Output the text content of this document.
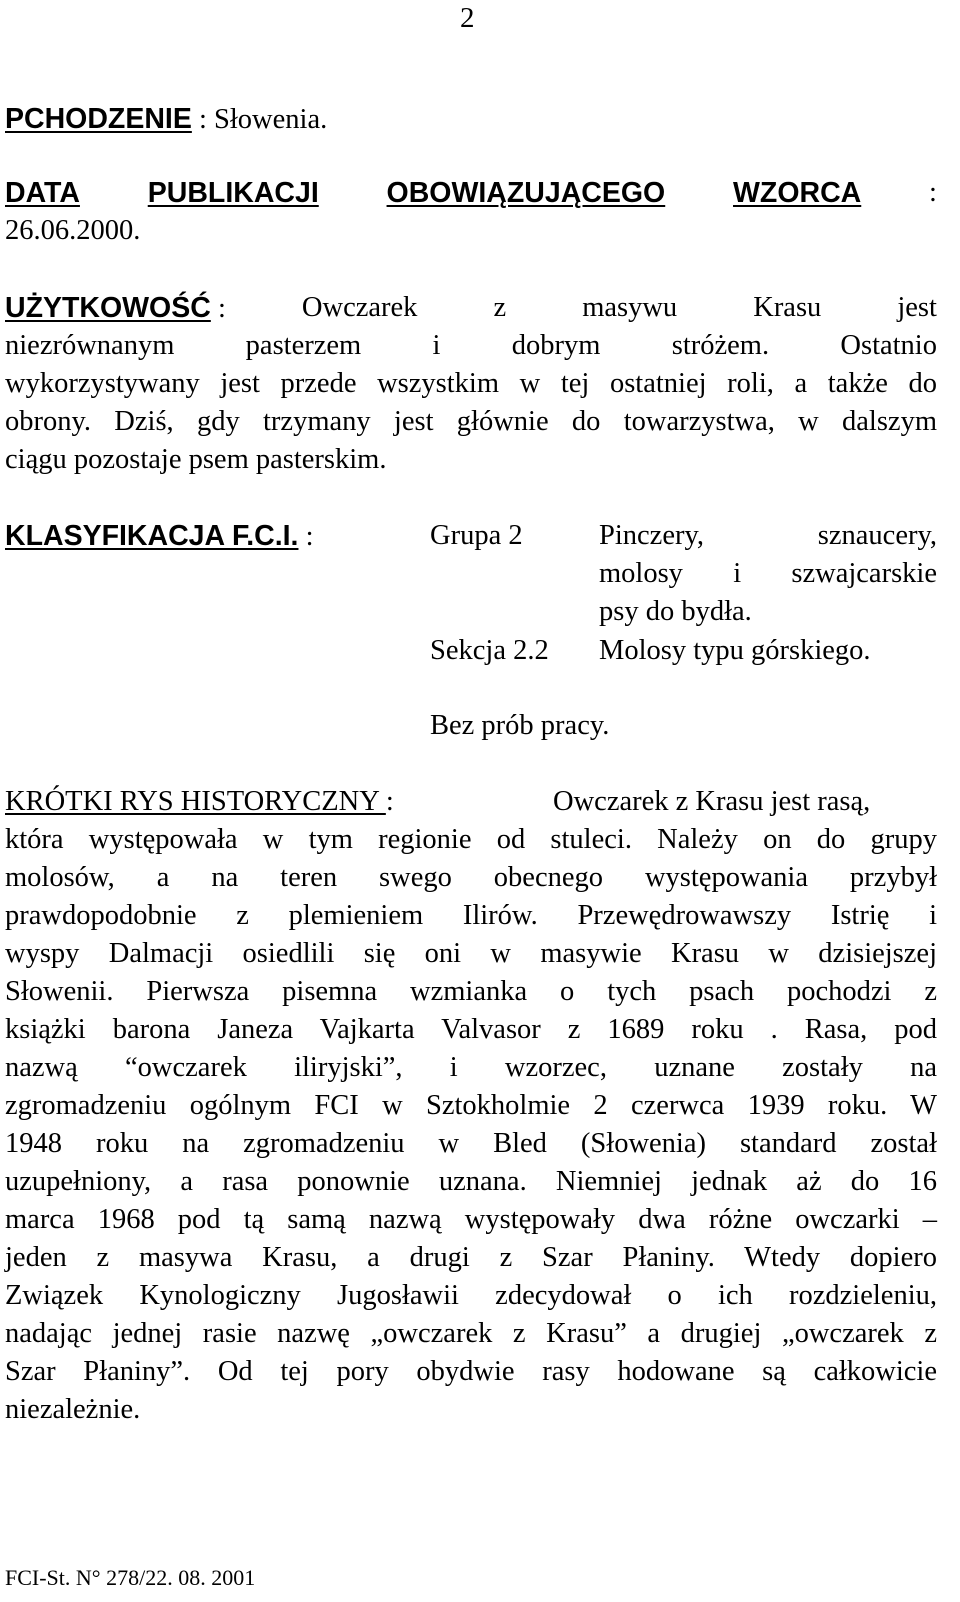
2
PCHODZENIE : Słowenia.
DATA PUBLIKACJI OBOWIĄZUJĄCEGO WZORCA :
26.06.2000.
UŻYTKOWOŚĆ :	Owczarek	z	masywu	Krasu	jest
niezrównanym	pasterzem	i	dobrym	stróżem.	Ostatnio
wykorzystywany jest przede wszystkim w tej ostatniej roli, a także do
obrony. Dziś, gdy trzymany jest głównie do towarzystwa, w dalszym
ciągu pozostaje psem pasterskim.
KLASYFIKACJA F.C.I. :	Grupa 2	Pinczery,	sznaucery,
molosy i szwajcarskie
psy do bydła.
Sekcja 2.2 Molosy typu górskiego.
Bez prób pracy.
KRÓTKI RYS HISTORYCZNY :	Owczarek z Krasu jest rasą,
która występowała w tym regionie od stuleci. Należy on do grupy
molosów, a na teren swego obecnego występowania przybył
prawdopodobnie z plemieniem Ilirów. Przewędrowawszy Istrię i
wyspy Dalmacji osiedlili się oni w masywie Krasu w dzisiejszej
Słowenii. Pierwsza pisemna wzmianka o tych psach pochodzi z
książki barona Janeza Vajkarta Valvasor z 1689 roku . Rasa, pod
nazwą “owczarek iliryjski”, i wzorzec, uznane zostały na
zgromadzeniu ogólnym FCI w Sztokholmie 2 czerwca 1939 roku. W
1948 roku na zgromadzeniu w Bled (Słowenia) standard został
uzupełniony, a rasa ponownie uznana. Niemniej jednak aż do 16
marca 1968 pod tą samą nazwą występowały dwa różne owczarki –
jeden z masywa Krasu, a drugi z Szar Płaniny. Wtedy dopiero
Związek Kynologiczny Jugosławii zdecydował o ich rozdzieleniu,
nadając jednej rasie nazwę „owczarek z Krasu” a drugiej „owczarek z
Szar Płaniny”. Od tej pory obydwie rasy hodowane są całkowicie
niezależnie.
FCI-St. N° 278/22. 08. 2001
